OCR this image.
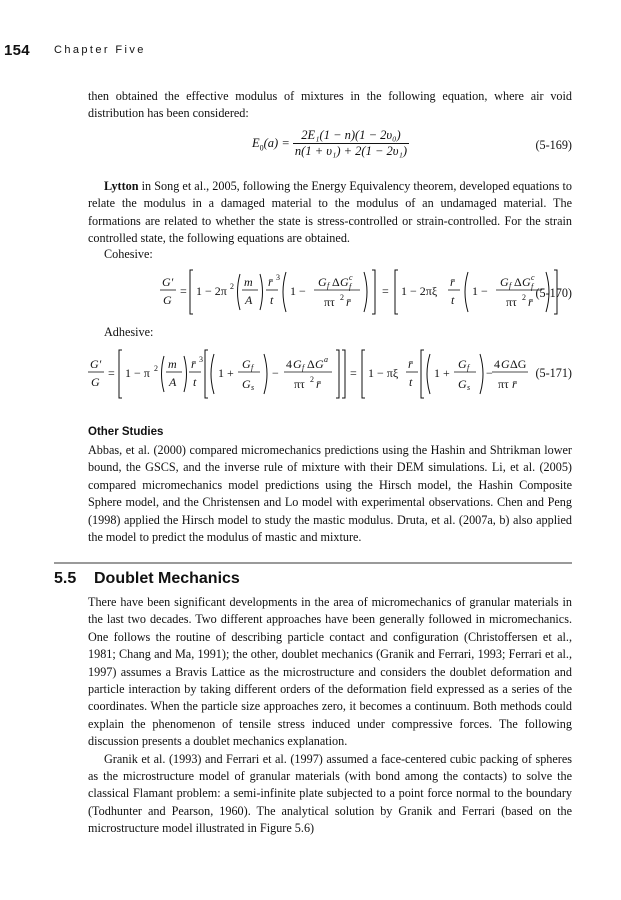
154 Chapter Five

then obtained the effective modulus of mixtures in the following equation, where air void distribution has been considered:

$E_0(a) = \frac{\text{2E₁(1 − n)(1 − 2υ₀)}}{\text{n(1 + υ₁) + 2(1 − 2υ₁)}}$	(5-169)

Lytton in Song et al., 2005, following the Energy Equivalency theorem, developed equations to relate the modulus in a damaged material to the modulus of an undamaged material. The formations are related to whether the state is stress-controlled or strain-controlled. For the strain controlled state, the following equations are obtained.

Cohesive:

G′
G
= 1 − 2π 2 m
A
r̄ 3
t
1 −
G f Δ G c
f
πτ 2 r̄
= 1 − 2πξ
r̄
t
1 −
G f Δ G c
f
πτ 2 r̄
(5-170)

Adhesive:

G′
G
= 1 − π 2 m
A
r̄ 3
t
1 +
G f
G s
−
4 G f Δ G a
πτ 2 r̄
= 1 − πξ
r̄
t
1 +
G f
G s
−
4 G ΔG
πτ r̄
(5-171)
Other Studies

Abbas, et al. (2000) compared micromechanics predictions using the Hashin and Shtrikman lower bound, the GSCS, and the inverse rule of mixture with their DEM simulations. Li, et al. (2005) compared micromechanics model predictions using the Hirsch model, the Hashin Composite Sphere model, and the Christensen and Lo model with experimental observations. Chen and Peng (1998) applied the Hirsch model to study the mastic modulus. Druta, et al. (2007a, b) also applied the model to predict the modulus of mastic and mixture.

5.5 Doublet Mechanics

There have been significant developments in the area of micromechanics of granular materials in the last two decades. Two different approaches have been generally followed in micromechanics. One follows the routine of describing particle contact and configuration (Christoffersen et al., 1981; Chang and Ma, 1991); the other, doublet mechanics (Granik and Ferrari, 1993; Ferrari et al., 1997) assumes a Bravis Lattice as the microstructure and considers the doublet deformation and particle interaction by taking different orders of the deformation field expressed as a series of the coordinates. When the particle size approaches zero, it becomes a continuum. Both methods could explain the phenomenon of tensile stress induced under compressive forces. The following discussion presents a doublet mechanics explanation.

Granik et al. (1993) and Ferrari et al. (1997) assumed a face-centered cubic packing of spheres as the microstructure model of granular materials (with bond among the contacts) to solve the classical Flamant problem: a semi-infinite plate subjected to a point force normal to the boundary (Todhunter and Pearson, 1960). The analytical solution by Granik and Ferrari (based on the microstructure model illustrated in Figure 5.6)
